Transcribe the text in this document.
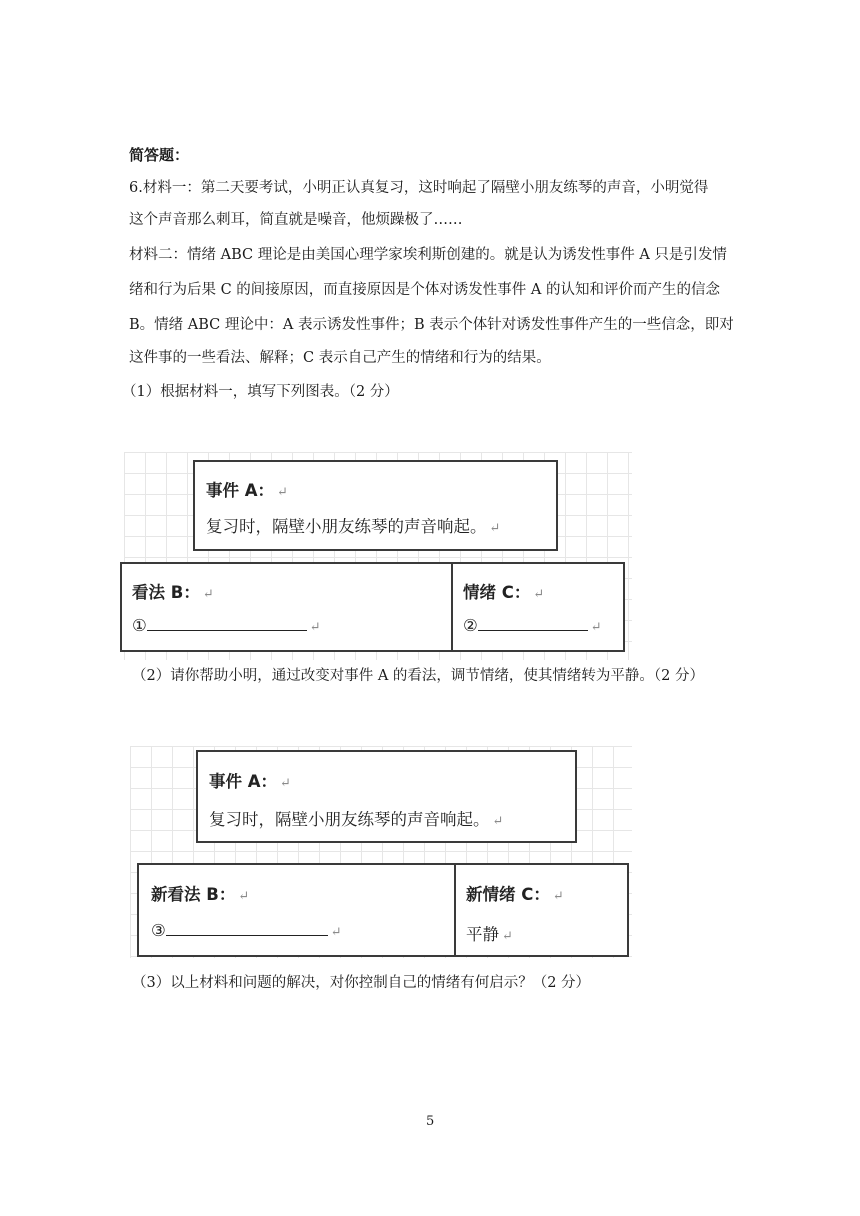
简答题：
6.材料一：第二天要考试，小明正认真复习，这时响起了隔壁小朋友练琴的声音，小明觉得
这个声音那么刺耳，简直就是噪音，他烦躁极了……
材料二：情绪 ABC 理论是由美国心理学家埃利斯创建的。就是认为诱发性事件 A 只是引发情
绪和行为后果 C 的间接原因，而直接原因是个体对诱发性事件 A 的认知和评价而产生的信念
B。情绪 ABC 理论中：A 表示诱发性事件；B 表示个体针对诱发性事件产生的一些信念，即对
这件事的一些看法、解释；C 表示自己产生的情绪和行为的结果。
（1）根据材料一，填写下列图表。（2 分）
事件 A： ↵
复习时，隔壁小朋友练琴的声音响起。 ↵
看法 B： ↵
①	↵
情绪 C： ↵
②	↵
（2）请你帮助小明，通过改变对事件 A 的看法，调节情绪，使其情绪转为平静。（2 分）
事件 A： ↵
复习时，隔壁小朋友练琴的声音响起。 ↵
新看法 B： ↵
③	↵
新情绪 C： ↵
平静 ↵
（3）以上材料和问题的解决，对你控制自己的情绪有何启示？（2 分）
5
